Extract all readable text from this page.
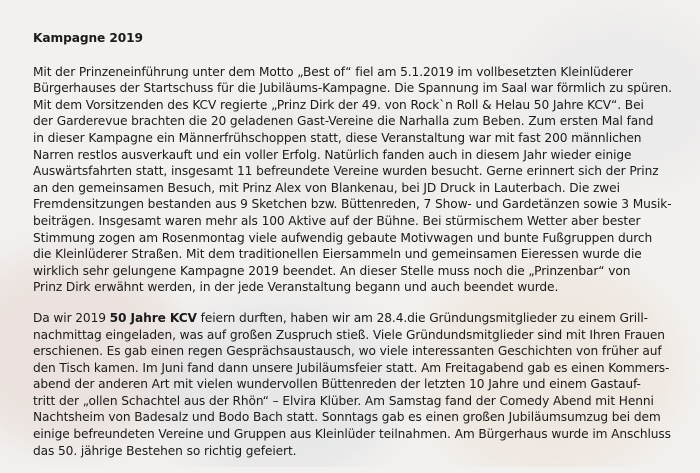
Kampagne 2019

Mit der Prinzeneinführung unter dem Motto „Best of“ fiel am 5.1.2019 im vollbesetzten Kleinlüderer
Bürgerhauses der Startschuss für die Jubiläums-Kampagne. Die Spannung im Saal war förmlich zu spüren.
Mit dem Vorsitzenden des KCV regierte „Prinz Dirk der 49. von Rock`n Roll & Helau 50 Jahre KCV“. Bei
der Garderevue brachten die 20 geladenen Gast-Vereine die Narhalla zum Beben. Zum ersten Mal fand
in dieser Kampagne ein Männerfrühschoppen statt, diese Veranstaltung war mit fast 200 männlichen
Narren restlos ausverkauft und ein voller Erfolg. Natürlich fanden auch in diesem Jahr wieder einige
Auswärtsfahrten statt, insgesamt 11 befreundete Vereine wurden besucht. Gerne erinnert sich der Prinz
an den gemeinsamen Besuch, mit Prinz Alex von Blankenau, bei JD Druck in Lauterbach. Die zwei
Fremdensitzungen bestanden aus 9 Sketchen bzw. Büttenreden, 7 Show- und Gardetänzen sowie 3 Musik-
beiträgen. Insgesamt waren mehr als 100 Aktive auf der Bühne. Bei stürmischem Wetter aber bester
Stimmung zogen am Rosenmontag viele aufwendig gebaute Motivwagen und bunte Fußgruppen durch
die Kleinlüderer Straßen. Mit dem traditionellen Eiersammeln und gemeinsamen Eieressen wurde die
wirklich sehr gelungene Kampagne 2019 beendet. An dieser Stelle muss noch die „Prinzenbar“ von
Prinz Dirk erwähnt werden, in der jede Veranstaltung begann und auch beendet wurde.

Da wir 2019 50 Jahre KCV feiern durften, haben wir am 28.4.die Gründungsmitglieder zu einem Grill-
nachmittag eingeladen, was auf großen Zuspruch stieß. Viele Gründundsmitglieder sind mit Ihren Frauen
erschienen. Es gab einen regen Gesprächsaustausch, wo viele interessanten Geschichten von früher auf
den Tisch kamen. Im Juni fand dann unsere Jubiläumsfeier statt. Am Freitagabend gab es einen Kommers-
abend der anderen Art mit vielen wundervollen Büttenreden der letzten 10 Jahre und einem Gastauf-
tritt der „ollen Schachtel aus der Rhön“ – Elvira Klüber. Am Samstag fand der Comedy Abend mit Henni
Nachtsheim von Badesalz und Bodo Bach statt. Sonntags gab es einen großen Jubiläumsumzug bei dem
einige befreundeten Vereine und Gruppen aus Kleinlüder teilnahmen. Am Bürgerhaus wurde im Anschluss
das 50. jährige Bestehen so richtig gefeiert.
